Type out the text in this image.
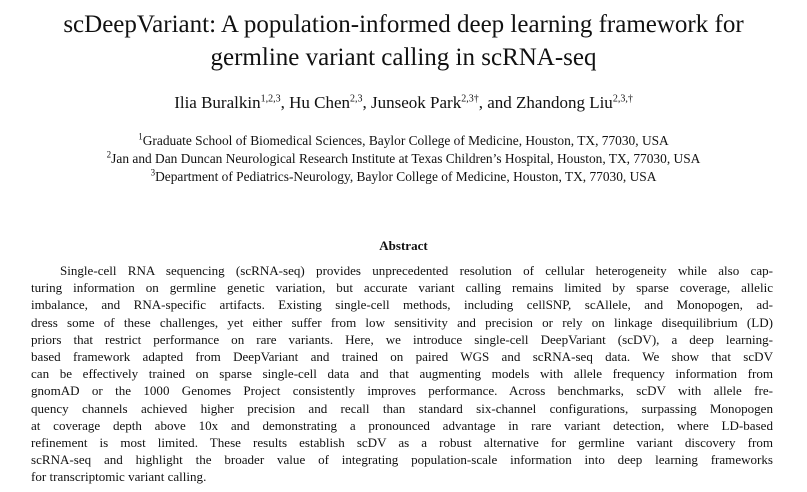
scDeepVariant: A population-informed deep learning framework for
germline variant calling in scRNA-seq
Ilia Buralkin$^{1,2,3}$, Hu Chen$^{2,3}$, Junseok Park$^{2,3\dagger}$, and Zhandong Liu$^{2,3,\dagger}$
$^1$Graduate School of Biomedical Sciences, Baylor College of Medicine, Houston, TX, 77030, USA
$^2$Jan and Dan Duncan Neurological Research Institute at Texas Children’s Hospital, Houston, TX, 77030, USA
$^3$Department of Pediatrics-Neurology, Baylor College of Medicine, Houston, TX, 77030, USA
Abstract
Single-cell RNA sequencing (scRNA-seq) provides unprecedented resolution of cellular heterogeneity while also cap-
turing information on germline genetic variation, but accurate variant calling remains limited by sparse coverage, allelic
imbalance, and RNA-specific artifacts. Existing single-cell methods, including cellSNP, scAllele, and Monopogen, ad-
dress some of these challenges, yet either suffer from low sensitivity and precision or rely on linkage disequilibrium (LD)
priors that restrict performance on rare variants. Here, we introduce single-cell DeepVariant (scDV), a deep learning-
based framework adapted from DeepVariant and trained on paired WGS and scRNA-seq data. We show that scDV
can be effectively trained on sparse single-cell data and that augmenting models with allele frequency information from
gnomAD or the 1000 Genomes Project consistently improves performance. Across benchmarks, scDV with allele fre-
quency channels achieved higher precision and recall than standard six-channel configurations, surpassing Monopogen
at coverage depth above 10x and demonstrating a pronounced advantage in rare variant detection, where LD-based
refinement is most limited. These results establish scDV as a robust alternative for germline variant discovery from
scRNA-seq and highlight the broader value of integrating population-scale information into deep learning frameworks
for transcriptomic variant calling.
